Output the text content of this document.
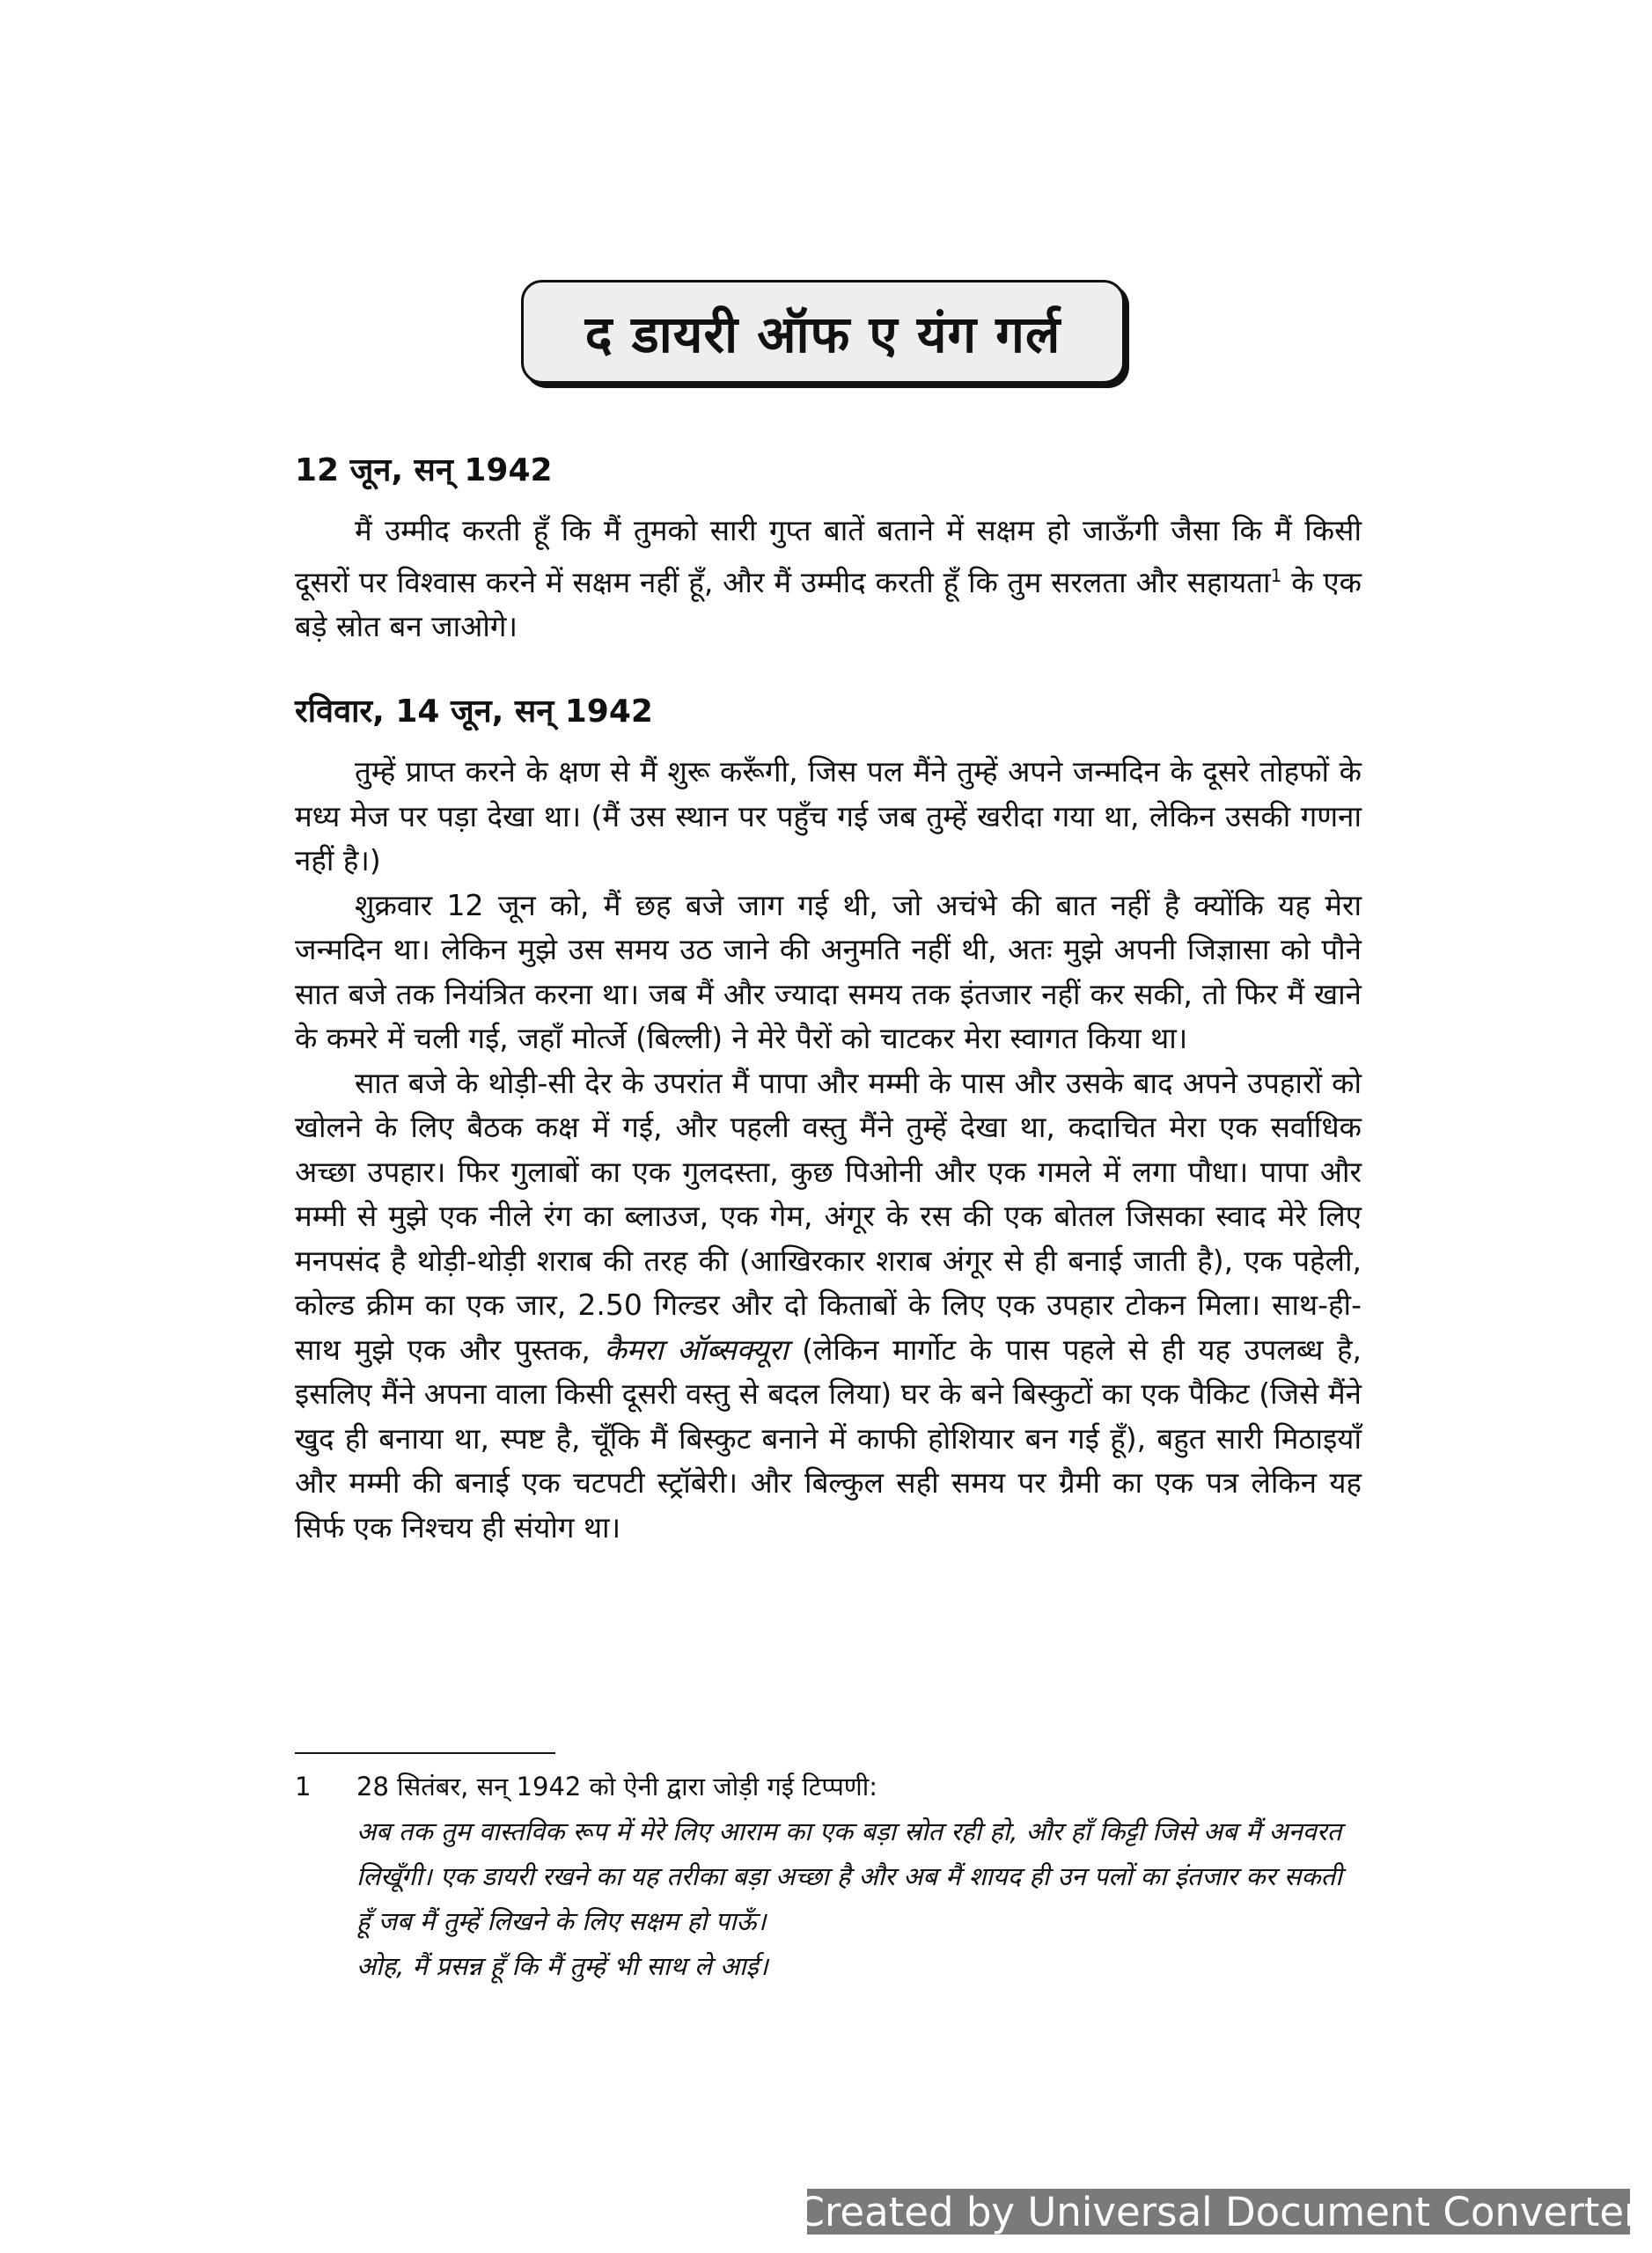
द डायरी ऑफ ए यंग गर्ल
12 जून, सन् 1942

मैं उम्मीद करती हूँ कि मैं तुमको सारी गुप्त बातें बताने में सक्षम हो जाऊँगी जैसा कि मैं किसी दूसरों पर विश्वास करने में सक्षम नहीं हूँ, और मैं उम्मीद करती हूँ कि तुम सरलता और सहायता$^1$ के एक बड़े स्रोत बन जाओगे।

रविवार, 14 जून, सन् 1942

तुम्हें प्राप्त करने के क्षण से मैं शुरू करूँगी, जिस पल मैंने तुम्हें अपने जन्मदिन के दूसरे तोहफों के मध्य मेज पर पड़ा देखा था। (मैं उस स्थान पर पहुँच गई जब तुम्हें खरीदा गया था, लेकिन उसकी गणना नहीं है।)

शुक्रवार 12 जून को, मैं छह बजे जाग गई थी, जो अचंभे की बात नहीं है क्योंकि यह मेरा जन्मदिन था। लेकिन मुझे उस समय उठ जाने की अनुमति नहीं थी, अतः मुझे अपनी जिज्ञासा को पौने सात बजे तक नियंत्रित करना था। जब मैं और ज्यादा समय तक इंतजार नहीं कर सकी, तो फिर मैं खाने के कमरे में चली गई, जहाँ मोर्त्जे (बिल्ली) ने मेरे पैरों को चाटकर मेरा स्वागत किया था।

सात बजे के थोड़ी-सी देर के उपरांत मैं पापा और मम्मी के पास और उसके बाद अपने उपहारों को खोलने के लिए बैठक कक्ष में गई, और पहली वस्तु मैंने तुम्हें देखा था, कदाचित मेरा एक सर्वाधिक अच्छा उपहार। फिर गुलाबों का एक गुलदस्ता, कुछ पिओनी और एक गमले में लगा पौधा। पापा और मम्मी से मुझे एक नीले रंग का ब्लाउज, एक गेम, अंगूर के रस की एक बोतल जिसका स्वाद मेरे लिए मनपसंद है थोड़ी-थोड़ी शराब की तरह की (आखिरकार शराब अंगूर से ही बनाई जाती है), एक पहेली, कोल्ड क्रीम का एक जार, 2.50 गिल्डर और दो किताबों के लिए एक उपहार टोकन मिला। साथ-ही-साथ मुझे एक और पुस्तक, कैमरा ऑब्सक्यूरा (लेकिन मार्गोट के पास पहले से ही यह उपलब्ध है, इसलिए मैंने अपना वाला किसी दूसरी वस्तु से बदल लिया) घर के बने बिस्कुटों का एक पैकिट (जिसे मैंने खुद ही बनाया था, स्पष्ट है, चूँकि मैं बिस्कुट बनाने में काफी होशियार बन गई हूँ), बहुत सारी मिठाइयाँ और मम्मी की बनाई एक चटपटी स्ट्रॉबेरी। और बिल्कुल सही समय पर ग्रैमी का एक पत्र लेकिन यह सिर्फ एक निश्चय ही संयोग था।

1	28 सितंबर, सन् 1942 को ऐनी द्वारा जोड़ी गई टिप्पणी:
अब तक तुम वास्तविक रूप में मेरे लिए आराम का एक बड़ा स्रोत रही हो, और हाँ किट्टी जिसे अब मैं अनवरत लिखूँगी। एक डायरी रखने का यह तरीका बड़ा अच्छा है और अब मैं शायद ही उन पलों का इंतजार कर सकती हूँ जब मैं तुम्हें लिखने के लिए सक्षम हो पाऊँ।
ओह, मैं प्रसन्न हूँ कि मैं तुम्हें भी साथ ले आई।
Created by Universal Document Converter
